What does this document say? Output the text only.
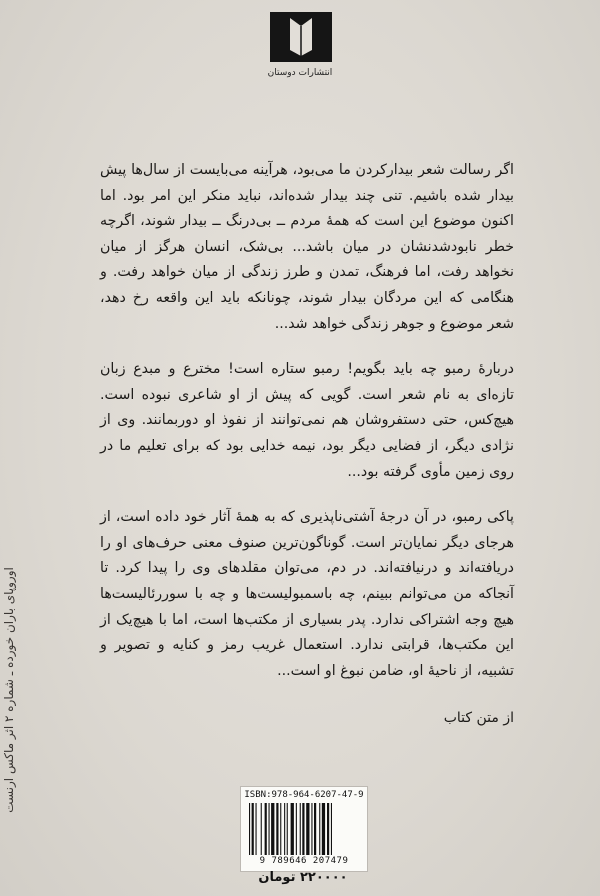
انتشارات دوستان

اگر رسالت شعر بیدارکردن ما می‌بود، هرآینه می‌بایست از سال‌ها پیش بیدار شده باشیم. تنی چند بیدار شده‌اند، نباید منکر این امر بود. اما اکنون موضوع این است که همهٔ مردم ــ بی‌درنگ ــ بیدار شوند، اگرچه خطر نابودشدنشان در میان باشد... بی‌شک، انسان هرگز از میان نخواهد رفت، اما فرهنگ، تمدن و طرز زندگی از میان خواهد رفت. و هنگامی که این مردگان بیدار شوند، چونانکه باید این واقعه رخ دهد، شعر موضوع و جوهر زندگی خواهد شد...

دربارهٔ رمبو چه باید بگویم! رمبو ستاره است! مخترع و مبدع زبان تازه‌ای به نام شعر است. گویی که پیش از او شاعری نبوده است. هیچ‌کس، حتی دستفروشان هم نمی‌توانند از نفوذ او دوربمانند. وی از نژادی دیگر، از فضایی دیگر بود، نیمه خدایی بود که برای تعلیم ما در روی زمین مأوی گرفته بود...

پاکی رمبو، در آن درجهٔ آشتی‌ناپذیری که به همهٔ آثار خود داده است، از هرجای دیگر نمایان‌تر است. گوناگون‌ترین صنوف معنی حرف‌های او را دریافته‌اند و درنیافته‌اند. در دم، می‌توان مقلدهای وی را پیدا کرد. تا آنجاکه من می‌توانم ببینم، چه باسمبولیست‌ها و چه با سوررئالیست‌ها هیچ وجه اشتراکی ندارد. پدر بسیاری از مکتب‌ها است، اما با هیچ‌یک از این مکتب‌ها، قرابتی ندارد. استعمال غریب رمز و کنایه و تصویر و تشبیه، از ناحیهٔ او، ضامن نبوغ او است...

از متن کتاب
اوروپای باران خورده ـ شماره ۲ اثر ماکس ارنست
ISBN:978-964-6207-47-9
9 789646 207479
۲۲۰۰۰۰ تومان
